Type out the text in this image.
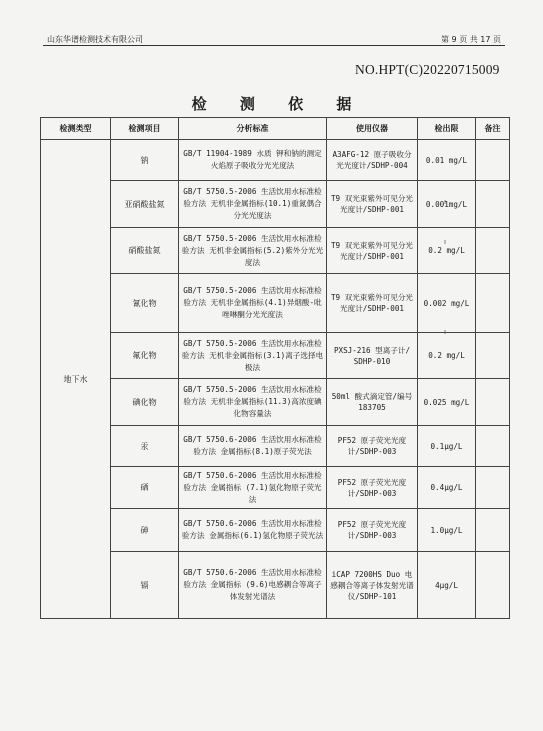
山东华谱检测技术有限公司	第 9 页 共 17 页
NO.HPT(C)20220715009
检 测 依 据
检测类型	检测项目	分析标准	使用仪器	检出限	备注
地下水	钠	GB/T 11904-1989 水质 钾和钠的测定 火焰原子吸收分光光度法	A3AFG-12 原子吸收分光光度计/SDHP-004	0.01 mg/L	
	亚硝酸盐氮	GB/T 5750.5-2006 生活饮用水标准检验方法 无机非金属指标(10.1)重氮偶合分光光度法	T9 双光束紫外可见分光光度计/SDHP-001	0.001mg/L	
	硝酸盐氮	GB/T 5750.5-2006 生活饮用水标准检验方法 无机非金属指标(5.2)紫外分光光度法	T9 双光束紫外可见分光光度计/SDHP-001	0.2 mg/L	
	氰化物	GB/T 5750.5-2006 生活饮用水标准检验方法 无机非金属指标(4.1)异烟酸-吡唑啉酮分光光度法	T9 双光束紫外可见分光光度计/SDHP-001	0.002 mg/L	
	氟化物	GB/T 5750.5-2006 生活饮用水标准检验方法 无机非金属指标(3.1)离子选择电极法	PXSJ-216 型离子计/ SDHP-010	0.2 mg/L	
	碘化物	GB/T 5750.5-2006 生活饮用水标准检验方法 无机非金属指标(11.3)高浓度碘化物容量法	50ml 酸式滴定管/编号 183705	0.025 mg/L	
	汞	GB/T 5750.6-2006 生活饮用水标准检验方法 金属指标(8.1)原子荧光法	PF52 原子荧光光度计/SDHP-003	0.1μg/L	
	硒	GB/T 5750.6-2006 生活饮用水标准检验方法 金属指标 (7.1)氢化物原子荧光法	PF52 原子荧光光度计/SDHP-003	0.4μg/L	
	砷	GB/T 5750.6-2006 生活饮用水标准检验方法 金属指标(6.1)氢化物原子荧光法	PF52 原子荧光光度计/SDHP-003	1.0μg/L	
	镉	GB/T 5750.6-2006 生活饮用水标准检验方法 金属指标 (9.6)电感耦合等离子体发射光谱法	iCAP 7200HS Duo 电感耦合等离子体发射光谱仪/SDHP-101	4μg/L	
